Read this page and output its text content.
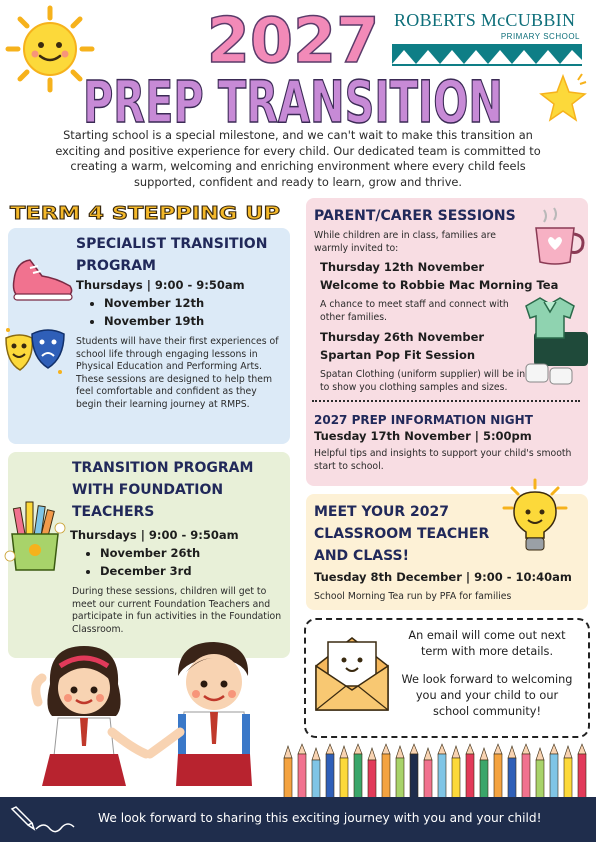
2027 ROBERTS McCUBBIN
PRIMARY SCHOOL
PREP TRANSITION
Starting school is a special milestone, and we can't wait to make this transition an exciting and positive experience for every child. Our dedicated team is committed to creating a warm, welcoming and enriching environment where every child feels supported, confident and ready to learn, grow and thrive.
TERM 4 STEPPING UP
SPECIALIST TRANSITION
PROGRAM
Thursdays | 9:00 - 9:50am
• November 12th
• November 19th
Students will have their first experiences of school life through engaging lessons in Physical Education and Performing Arts. These sessions are designed to help them feel comfortable and confident as they begin their learning journey at RMPS.
TRANSITION PROGRAM
WITH FOUNDATION
TEACHERS
Thursdays | 9:00 - 9:50am
• November 26th
• December 3rd
During these sessions, children will get to meet our current Foundation Teachers and participate in fun activities in the Foundation Classroom.
PARENT/CARER SESSIONS
While children are in class, families are warmly invited to:
Thursday 12th November
Welcome to Robbie Mac Morning Tea
A chance to meet staff and connect with other families.
Thursday 26th November
Spartan Pop Fit Session
Spatan Clothing (uniform supplier) will be in to show you clothing samples and sizes.
2027 PREP INFORMATION NIGHT
Tuesday 17th November | 5:00pm
Helpful tips and insights to support your child's smooth start to school.
MEET YOUR 2027
CLASSROOM TEACHER
AND CLASS!
Tuesday 8th December | 9:00 - 10:40am
School Morning Tea run by PFA for families
An email will come out next
term with more details.
We look forward to welcoming
you and your child to our
school community!
We look forward to sharing this exciting journey with you and your child!
